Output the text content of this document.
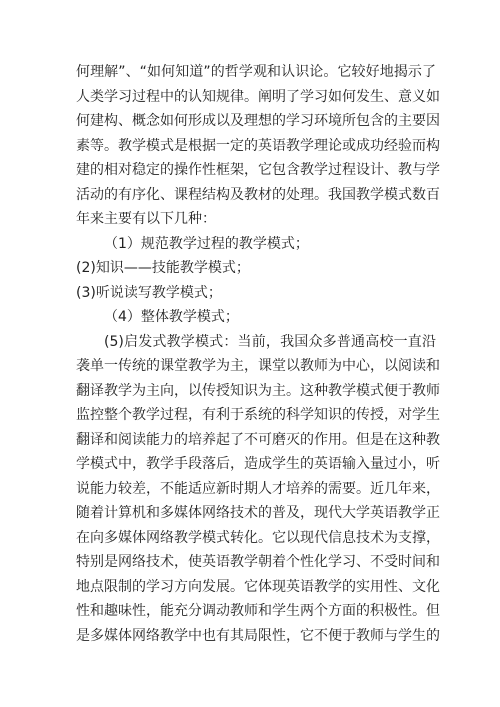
何理解”、“如何知道”的哲学观和认识论。它较好地揭示了
人类学习过程中的认知规律。阐明了学习如何发生、意义如
何建构、概念如何形成以及理想的学习环境所包含的主要因
素等。教学模式是根据一定的英语教学理论或成功经验而构
建的相对稳定的操作性框架，它包含教学过程设计、教与学
活动的有序化、课程结构及教材的处理。我国教学模式数百
年来主要有以下几种：
（1）规范教学过程的教学模式；
(2)知识——技能教学模式；
(3)听说读写教学模式；
（4）整体教学模式；
(5)启发式教学模式：当前，我国众多普通高校一直沿
袭单一传统的课堂教学为主，课堂以教师为中心，以阅读和
翻译教学为主向，以传授知识为主。这种教学模式便于教师
监控整个教学过程，有利于系统的科学知识的传授，对学生
翻译和阅读能力的培养起了不可磨灭的作用。但是在这种教
学模式中，教学手段落后，造成学生的英语输入量过小，听
说能力较差，不能适应新时期人才培养的需要。近几年来，
随着计算机和多媒体网络技术的普及，现代大学英语教学正
在向多媒体网络教学模式转化。它以现代信息技术为支撑，
特别是网络技术，使英语教学朝着个性化学习、不受时间和
地点限制的学习方向发展。它体现英语教学的实用性、文化
性和趣味性，能充分调动教师和学生两个方面的积极性。但
是多媒体网络教学中也有其局限性，它不便于教师与学生的
